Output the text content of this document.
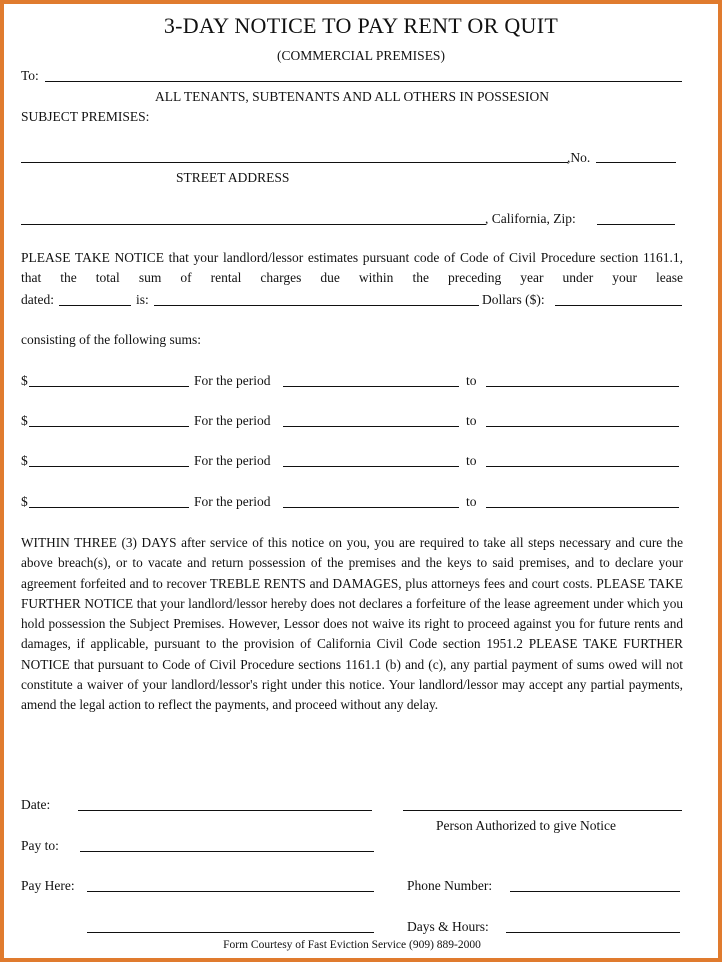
3-DAY NOTICE TO PAY RENT OR QUIT
(COMMERCIAL PREMISES)
To:
ALL TENANTS, SUBTENANTS AND ALL OTHERS IN POSSESION
SUBJECT PREMISES:
,No.
STREET ADDRESS
, California, Zip:
PLEASE TAKE NOTICE that your landlord/lessor estimates pursuant code of Code of Civil Procedure section 1161.1, that the total sum of rental charges due within the preceding year under your lease
dated:	is:	Dollars ($):
consisting of the following sums:
$	For the period	to
$	For the period	to
$	For the period	to
$	For the period	to
WITHIN THREE (3) DAYS after service of this notice on you, you are required to take all steps necessary and cure the above breach(s), or to vacate and return possession of the premises and the keys to said premises, and to declare your agreement forfeited and to recover TREBLE RENTS and DAMAGES, plus attorneys fees and court costs. PLEASE TAKE FURTHER NOTICE that your landlord/lessor hereby does not declares a forfeiture of the lease agreement under which you hold possession the Subject Premises. However, Lessor does not waive its right to proceed against you for future rents and damages, if applicable, pursuant to the provision of California Civil Code section 1951.2 PLEASE TAKE FURTHER NOTICE that pursuant to Code of Civil Procedure sections 1161.1 (b) and (c), any partial payment of sums owed will not constitute a waiver of your landlord/lessor's right under this notice. Your landlord/lessor may accept any partial payments, amend the legal action to reflect the payments, and proceed without any delay.
Date:
Person Authorized to give Notice
Pay to:
Pay Here:	Phone Number:
Days & Hours:
Form Courtesy of Fast Eviction Service (909) 889-2000
